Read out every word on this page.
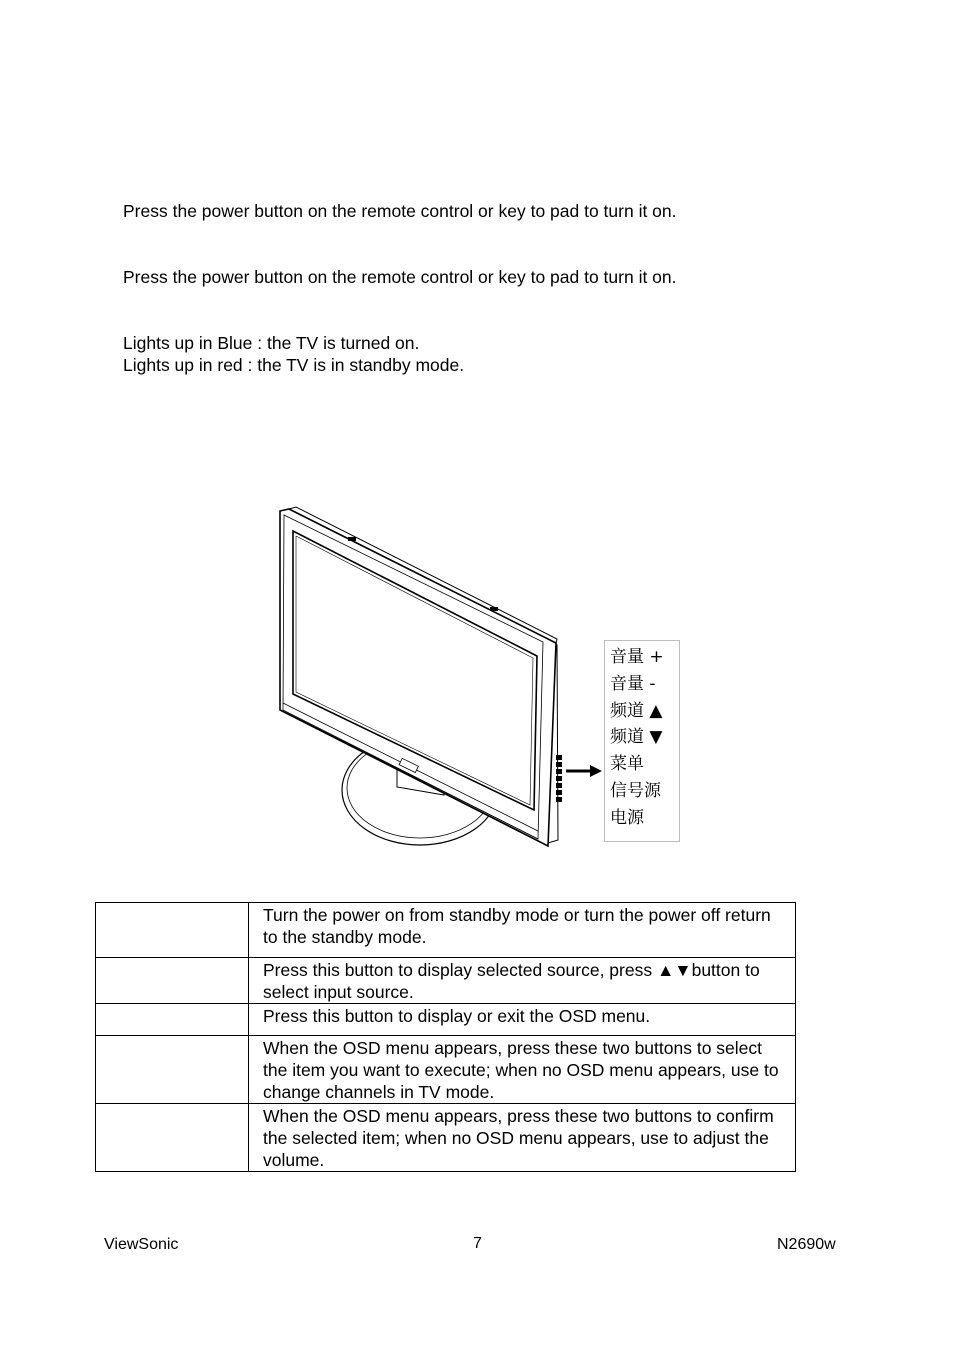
Press the power button on the remote control or key to pad to turn it on.

Press the power button on the remote control or key to pad to turn it on.

Lights up in Blue : the TV is turned on.
Lights up in red : the TV is in standby mode.
音量 +
音量 -
频道 ▲
频道 ▼
菜单
信号源
电源
	Turn the power on from standby mode or turn the power off return to the standby mode.
	Press this button to display selected source, press ▲▼button to select input source.
	Press this button to display or exit the OSD menu.
	When the OSD menu appears, press these two buttons to select the item you want to execute; when no OSD menu appears, use to change channels in TV mode.
	When the OSD menu appears, press these two buttons to confirm the selected item; when no OSD menu appears, use to adjust the volume.

ViewSonic	7	N2690w
